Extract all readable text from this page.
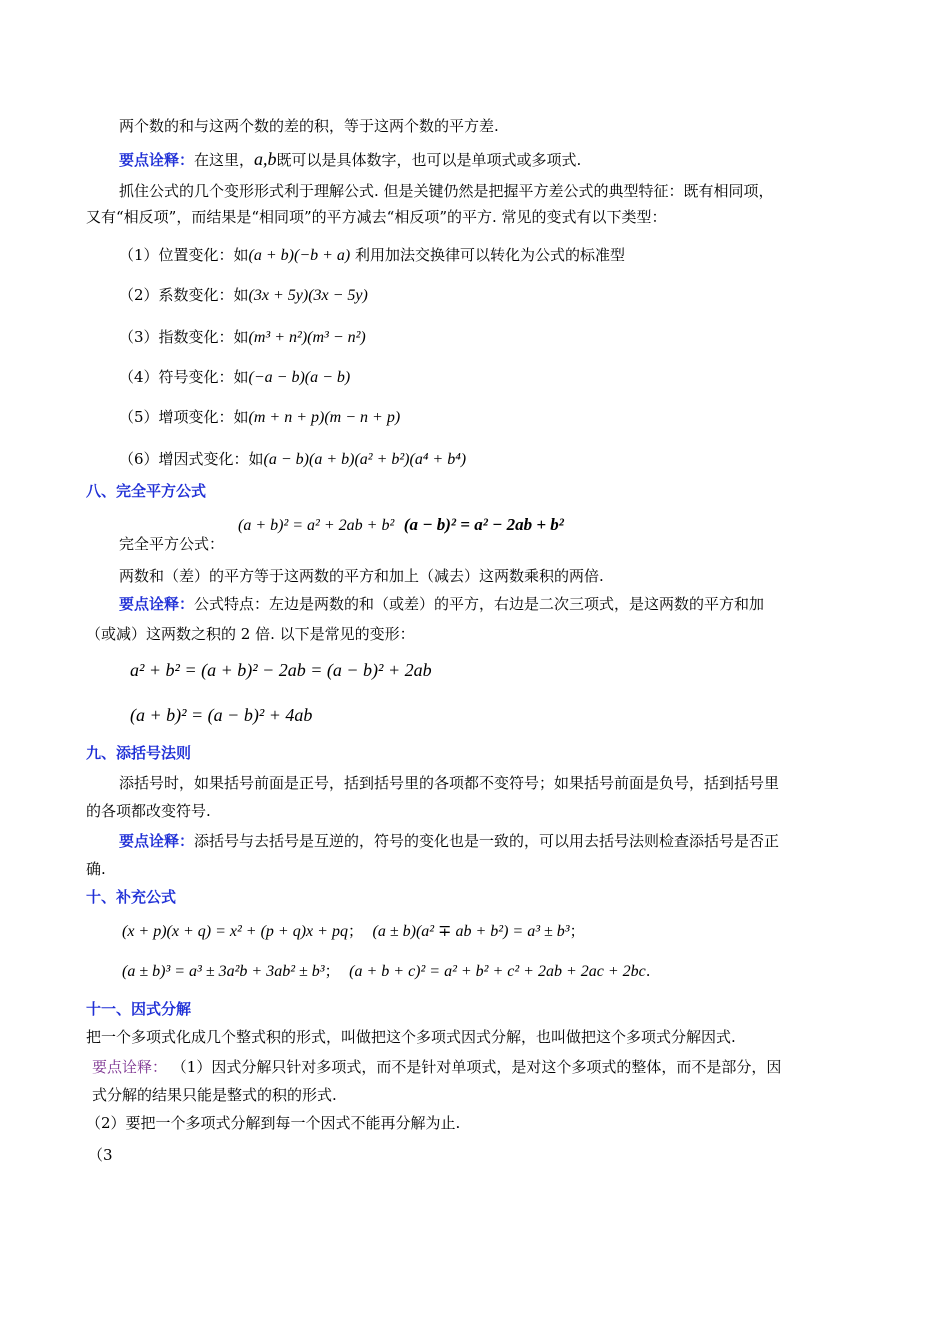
两个数的和与这两个数的差的积，等于这两个数的平方差.
要点诠释：在这里，a,b既可以是具体数字，也可以是单项式或多项式.
抓住公式的几个变形形式利于理解公式. 但是关键仍然是把握平方差公式的典型特征：既有相同项，
又有“相反项”，而结果是“相同项”的平方减去“相反项”的平方. 常见的变式有以下类型：
（1）位置变化：如(a + b)(−b + a) 利用加法交换律可以转化为公式的标准型
（2）系数变化：如(3x + 5y)(3x − 5y)
（3）指数变化：如(m³ + n²)(m³ − n²)
（4）符号变化：如(−a − b)(a − b)
（5）增项变化：如(m + n + p)(m − n + p)
（6）增因式变化：如(a − b)(a + b)(a² + b²)(a⁴ + b⁴)
八、完全平方公式
(a + b)² = a² + 2ab + b² (a − b)² = a² − 2ab + b²
完全平方公式：
两数和（差）的平方等于这两数的平方和加上（减去）这两数乘积的两倍.
要点诠释：公式特点：左边是两数的和（或差）的平方，右边是二次三项式，是这两数的平方和加
（或减）这两数之积的 2 倍. 以下是常见的变形：
a² + b² = (a + b)² − 2ab = (a − b)² + 2ab
(a + b)² = (a − b)² + 4ab
九、添括号法则
添括号时，如果括号前面是正号，括到括号里的各项都不变符号；如果括号前面是负号，括到括号里
的各项都改变符号.
要点诠释：添括号与去括号是互逆的，符号的变化也是一致的，可以用去括号法则检查添括号是否正
确.
十、补充公式
(x + p)(x + q) = x² + (p + q)x + pq； (a ± b)(a² ∓ ab + b²) = a³ ± b³；
(a ± b)³ = a³ ± 3a²b + 3ab² ± b³； (a + b + c)² = a² + b² + c² + 2ab + 2ac + 2bc.
十一、因式分解
把一个多项式化成几个整式积的形式，叫做把这个多项式因式分解，也叫做把这个多项式分解因式.
要点诠释： （1）因式分解只针对多项式，而不是针对单项式，是对这个多项式的整体，而不是部分，因
式分解的结果只能是整式的积的形式.
（2）要把一个多项式分解到每一个因式不能再分解为止.
（3
